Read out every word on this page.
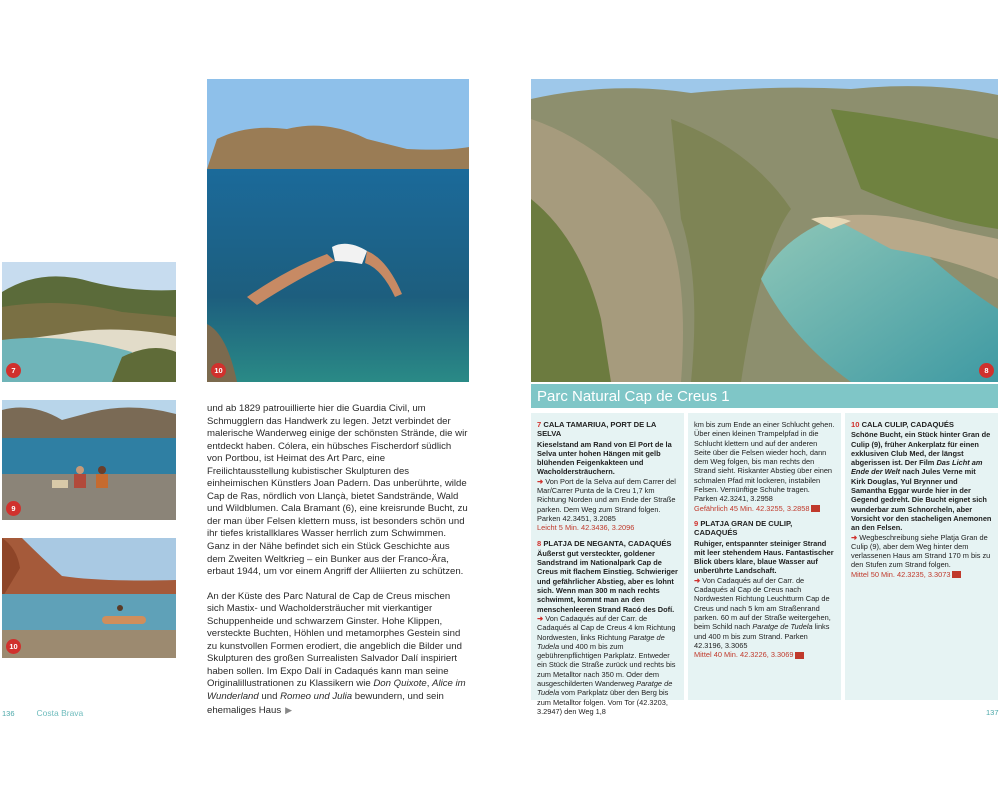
7
9
10
10

und ab 1829 patrouillierte hier die Guardia Civil, um Schmugglern das Handwerk zu legen. Jetzt verbindet der malerische Wanderweg einige der schönsten Strände, die wir entdeckt haben. Cólera, ein hübsches Fischerdorf südlich von Portbou, ist Heimat des Art Parc, eine Freilichtausstellung kubistischer Skulpturen des einheimischen Künstlers Joan Padern. Das unberührte, wilde Cap de Ras, nördlich von Llançà, bietet Sandstrände, Wald und Wildblumen. Cala Bramant (6), eine kreisrunde Bucht, zu der man über Felsen klettern muss, ist besonders schön und ihr tiefes kristallklares Wasser herrlich zum Schwimmen. Ganz in der Nähe befindet sich ein Stück Geschichte aus dem Zweiten Weltkrieg – ein Bunker aus der Franco-Ära, erbaut 1944, um vor einem Angriff der Alliierten zu schützen.

An der Küste des Parc Natural de Cap de Creus mischen sich Mastix- und Wacholdersträucher mit vierkantiger Schuppenheide und schwarzem Ginster. Hohe Klippen, versteckte Buchten, Höhlen und metamorphes Gestein sind zu kunstvollen Formen erodiert, die angeblich die Bilder und Skulpturen des großen Surrealisten Salvador Dalí inspiriert haben sollen. Im Expo Dalí in Cadaqués kann man seine Originalillustrationen zu Klassikern wie Don Quixote, Alice im Wunderland und Romeo und Julia bewundern, und sein ehemaliges Haus ▶

136	Costa Brava	137
8
Parc Natural Cap de Creus 1
7 CALA TAMARIUA, PORT DE LA SELVA
Kieselstand am Rand von El Port de la Selva unter hohen Hängen mit gelb blühenden Feigenkakteen und Wacholdersträuchern.
➜ Von Port de la Selva auf dem Carrer del Mar/Carrer Punta de la Creu 1,7 km Richtung Norden und am Ende der Straße parken. Dem Weg zum Strand folgen. Parken 42.3451, 3.2085
Leicht 5 Min. 42.3436, 3.2096
8 PLATJA DE NEGANTA, CADAQUÉS
Äußerst gut versteckter, goldener Sandstrand im Nationalpark Cap de Creus mit flachem Einstieg. Schwieriger und gefährlicher Abstieg, aber es lohnt sich. Wenn man 300 m nach rechts schwimmt, kommt man an den menschenleeren Strand Racó des Dofí.
➜ Von Cadaqués auf der Carr. de Cadaqués al Cap de Creus 4 km Richtung Nordwesten, links Richtung Paratge de Tudela und 400 m bis zum gebührenpflichtigen Parkplatz. Entweder ein Stück die Straße zurück und rechts bis zum Metalltor nach 350 m. Oder dem ausgeschilderten Wanderweg Paratge de Tudela vom Parkplatz über den Berg bis zum Metalltor folgen. Vom Tor (42.3203, 3.2947) den Weg 1,8
km bis zum Ende an einer Schlucht gehen. Über einen kleinen Trampelpfad in die Schlucht klettern und auf der anderen Seite über die Felsen wieder hoch, dann dem Weg folgen, bis man rechts den Strand sieht. Riskanter Abstieg über einen schmalen Pfad mit lockeren, instabilen Felsen. Vernünftige Schuhe tragen. Parken 42.3241, 3.2958
Gefährlich 45 Min. 42.3255, 3.2858
9 PLATJA GRAN DE CULIP, CADAQUÉS
Ruhiger, entspannter steiniger Strand mit leer stehendem Haus. Fantastischer Blick übers klare, blaue Wasser auf unberührte Landschaft.
➜ Von Cadaqués auf der Carr. de Cadaqués al Cap de Creus nach Nordwesten Richtung Leuchtturm Cap de Creus und nach 5 km am Straßenrand parken. 60 m auf der Straße weitergehen, beim Schild nach Paratge de Tudela links und 400 m bis zum Strand. Parken 42.3196, 3.3065
Mittel 40 Min. 42.3226, 3.3069
10 CALA CULIP, CADAQUÉS
Schöne Bucht, ein Stück hinter Gran de Culip (9), früher Ankerplatz für einen exklusiven Club Med, der längst abgerissen ist. Der Film Das Licht am Ende der Welt nach Jules Verne mit Kirk Douglas, Yul Brynner und Samantha Eggar wurde hier in der Gegend gedreht. Die Bucht eignet sich wunderbar zum Schnorcheln, aber Vorsicht vor den stacheligen Anemonen an den Felsen.
➜ Wegbeschreibung siehe Platja Gran de Culip (9), aber dem Weg hinter dem verlassenen Haus am Strand 170 m bis zu den Stufen zum Strand folgen.
Mittel 50 Min. 42.3235, 3.3073
